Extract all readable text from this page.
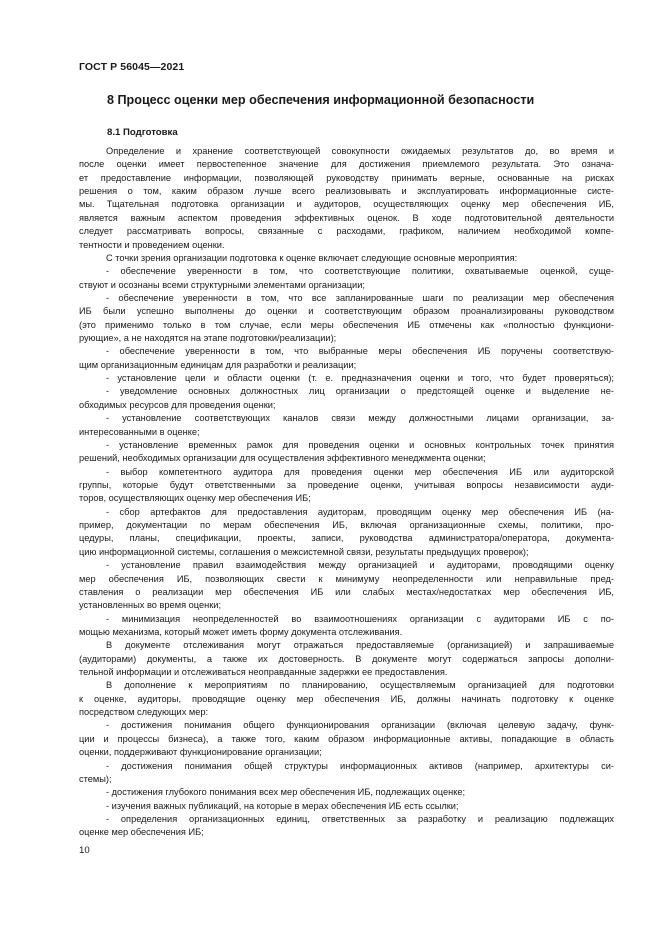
ГОСТ Р 56045—2021
8 Процесс оценки мер обеспечения информационной безопасности
8.1 Подготовка
Определение и хранение соответствующей совокупности ожидаемых результатов до, во время и
после оценки имеет первостепенное значение для достижения приемлемого результата. Это означа-
ет предоставление информации, позволяющей руководству принимать верные, основанные на рисках
решения о том, каким образом лучше всего реализовывать и эксплуатировать информационные систе-
мы. Тщательная подготовка организации и аудиторов, осуществляющих оценку мер обеспечения ИБ,
является важным аспектом проведения эффективных оценок. В ходе подготовительной деятельности
следует рассматривать вопросы, связанные с расходами, графиком, наличием необходимой компе-
тентности и проведением оценки.
С точки зрения организации подготовка к оценке включает следующие основные мероприятия:
- обеспечение уверенности в том, что соответствующие политики, охватываемые оценкой, суще-
ствуют и осознаны всеми структурными элементами организации;
- обеспечение уверенности в том, что все запланированные шаги по реализации мер обеспечения
ИБ были успешно выполнены до оценки и соответствующим образом проанализированы руководством
(это применимо только в том случае, если меры обеспечения ИБ отмечены как «полностью функциони-
рующие», а не находятся на этапе подготовки/реализации);
- обеспечение уверенности в том, что выбранные меры обеспечения ИБ поручены соответствую-
щим организационным единицам для разработки и реализации;
- установление цели и области оценки (т. е. предназначения оценки и того, что будет проверяться);
- уведомление основных должностных лиц организации о предстоящей оценке и выделение не-
обходимых ресурсов для проведения оценки;
- установление соответствующих каналов связи между должностными лицами организации, за-
интересованными в оценке;
- установление временных рамок для проведения оценки и основных контрольных точек принятия
решений, необходимых организации для осуществления эффективного менеджмента оценки;
- выбор компетентного аудитора для проведения оценки мер обеспечения ИБ или аудиторской
группы, которые будут ответственными за проведение оценки, учитывая вопросы независимости ауди-
торов, осуществляющих оценку мер обеспечения ИБ;
- сбор артефактов для предоставления аудиторам, проводящим оценку мер обеспечения ИБ (на-
пример, документации по мерам обеспечения ИБ, включая организационные схемы, политики, про-
цедуры, планы, спецификации, проекты, записи, руководства администратора/оператора, документа-
цию информационной системы, соглашения о межсистемной связи, результаты предыдущих проверок);
- установление правил взаимодействия между организацией и аудиторами, проводящими оценку
мер обеспечения ИБ, позволяющих свести к минимуму неопределенности или неправильные пред-
ставления о реализации мер обеспечения ИБ или слабых местах/недостатках мер обеспечения ИБ,
установленных во время оценки;
- минимизация неопределенностей во взаимоотношениях организации с аудиторами ИБ с по-
мощью механизма, который может иметь форму документа отслеживания.
В документе отслеживания могут отражаться предоставляемые (организацией) и запрашиваемые
(аудиторами) документы, а также их достоверность. В документе могут содержаться запросы дополни-
тельной информации и отслеживаться неоправданные задержки ее предоставления.
В дополнение к мероприятиям по планированию, осуществляемым организацией для подготовки
к оценке, аудиторы, проводящие оценку мер обеспечения ИБ, должны начинать подготовку к оценке
посредством следующих мер:
- достижения понимания общего функционирования организации (включая целевую задачу, функ-
ции и процессы бизнеса), а также того, каким образом информационные активы, попадающие в область
оценки, поддерживают функционирование организации;
- достижения понимания общей структуры информационных активов (например, архитектуры си-
стемы);
- достижения глубокого понимания всех мер обеспечения ИБ, подлежащих оценке;
- изучения важных публикаций, на которые в мерах обеспечения ИБ есть ссылки;
- определения организационных единиц, ответственных за разработку и реализацию подлежащих
оценке мер обеспечения ИБ;
10
